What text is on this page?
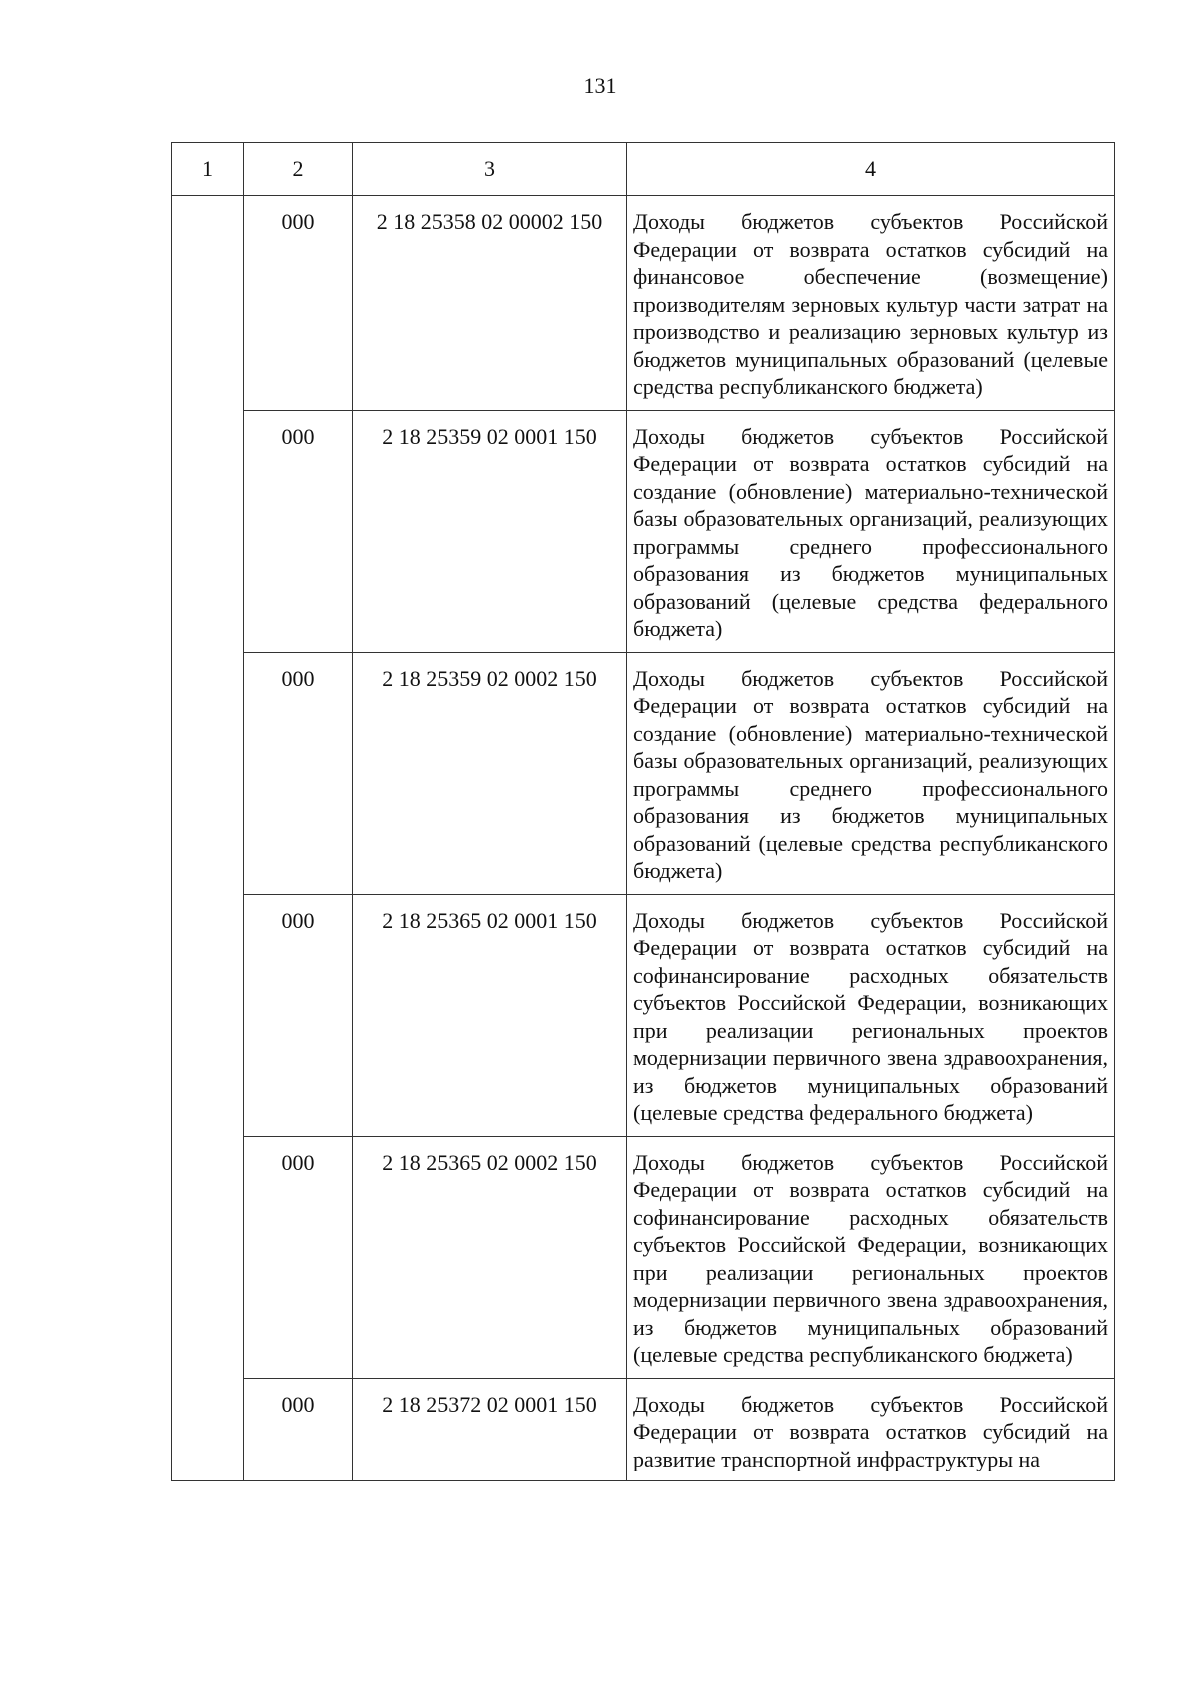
131
1	2	3	4
	000	2 18 25358 02 00002 150	Доходы бюджетов субъектов Российской Федерации от возврата остатков субсидий на финансовое обеспечение (возмещение) производителям зерновых культур части затрат на производство и реализацию зерновых культур из бюджетов муниципальных образований (целевые средства республиканского бюджета)
	000	2 18 25359 02 0001 150	Доходы бюджетов субъектов Российской Федерации от возврата остатков субсидий на создание (обновление) материально-технической базы образовательных организаций, реализующих программы среднего профессионального образования из бюджетов муниципальных образований (целевые средства федерального бюджета)
	000	2 18 25359 02 0002 150	Доходы бюджетов субъектов Российской Федерации от возврата остатков субсидий на создание (обновление) материально-технической базы образовательных организаций, реализующих программы среднего профессионального образования из бюджетов муниципальных образований (целевые средства республиканского бюджета)
	000	2 18 25365 02 0001 150	Доходы бюджетов субъектов Российской Федерации от возврата остатков субсидий на софинансирование расходных обязательств субъектов Российской Федерации, возникающих при реализации региональных проектов модернизации первичного звена здравоохранения, из бюджетов муниципальных образований (целевые средства федерального бюджета)
	000	2 18 25365 02 0002 150	Доходы бюджетов субъектов Российской Федерации от возврата остатков субсидий на софинансирование расходных обязательств субъектов Российской Федерации, возникающих при реализации региональных проектов модернизации первичного звена здравоохранения, из бюджетов муниципальных образований (целевые средства республиканского бюджета)
	000	2 18 25372 02 0001 150	Доходы бюджетов субъектов Российской Федерации от возврата остатков субсидий на развитие транспортной инфраструктуры на
